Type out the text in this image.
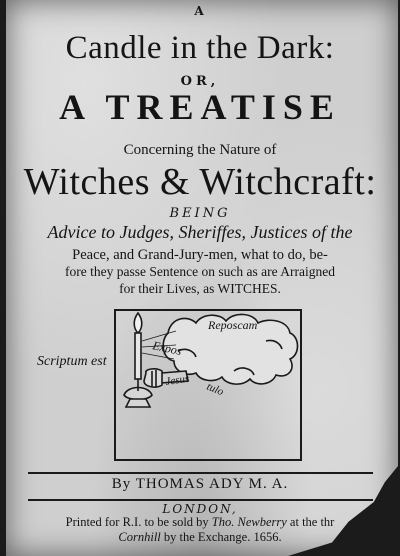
A
Candle in the Dark:
OR,
A TREATISE
Concerning the Nature of
Witches & Witchcraft:
BEING
Advice to Judges, Sheriffes, Justices of the
Peace, and Grand-Jury-men, what to do, be-
fore they passe Sentence on such as are Arraigned
for their Lives, as WITCHES.
Scriptum est
Reposcam
Expos
Jesus
tulo
By THOMAS ADY M. A.
LONDON,
Printed for R.I. to be sold by Tho. Newberry at the thr
Cornhill by the Exchange. 1656.
